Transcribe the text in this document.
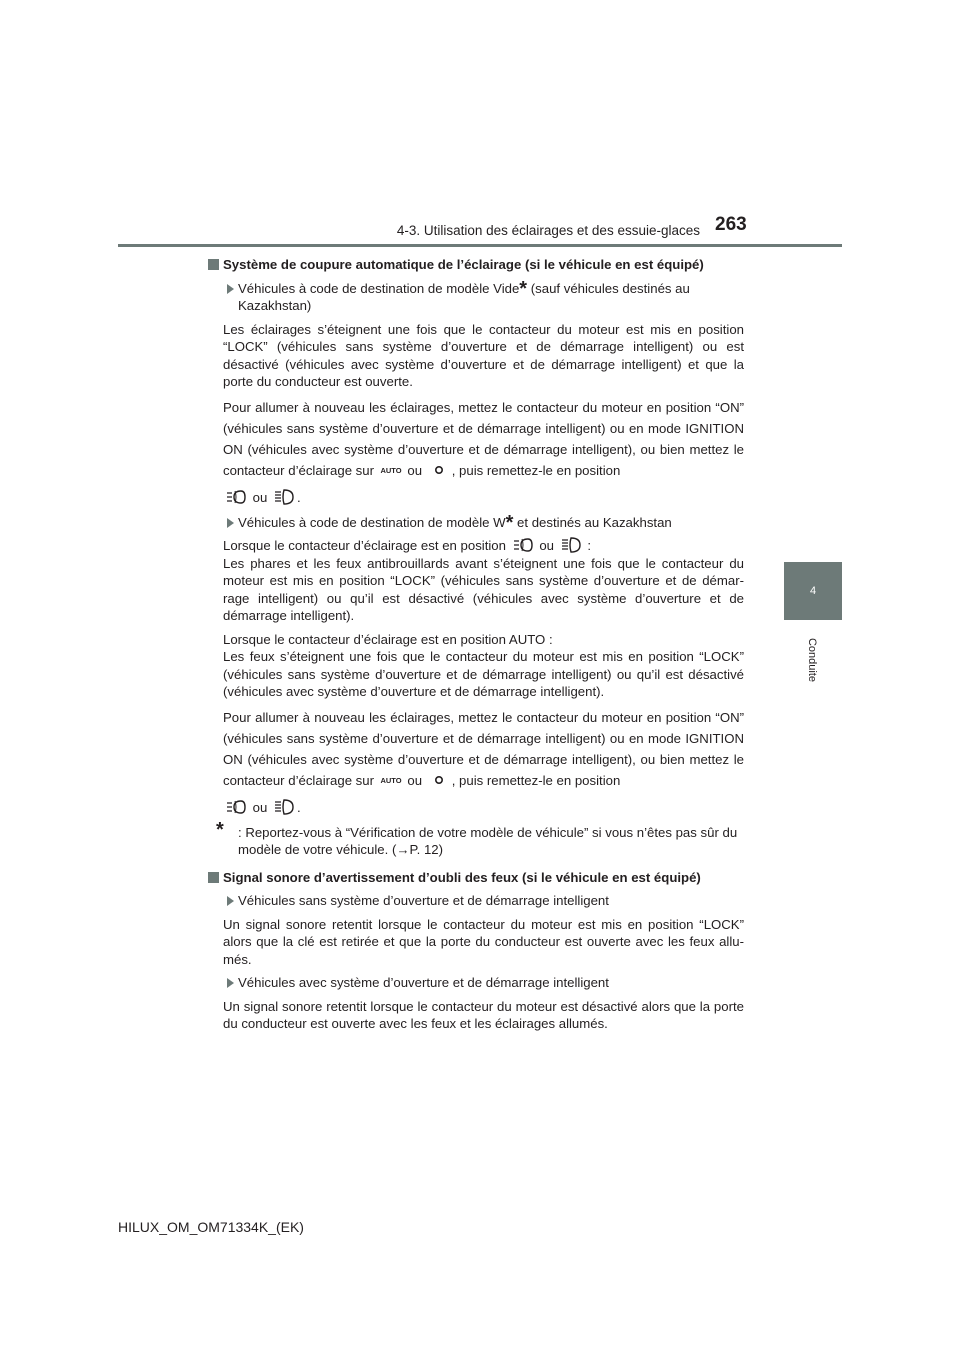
4-3. Utilisation des éclairages et des essuie-glaces 263
4
Conduite

Système de coupure automatique de l’éclairage (si le véhicule en est équipé)

Véhicules à code de destination de modèle Vide* (sauf véhicules destinés au Kazakhstan)

Les éclairages s’éteignent une fois que le contacteur du moteur est mis en position “LOCK” (véhicules sans système d’ouverture et de démarrage intelligent) ou est désactivé (véhicules avec système d’ouverture et de démarrage intelligent) et que la porte du conducteur est ouverte.

Pour allumer à nouveau les éclairages, mettez le contacteur du moteur en position “ON” (véhicules sans système d’ouverture et de démarrage intelligent) ou en mode IGNITION ON (véhicules avec système d’ouverture et de démarrage intelligent), ou bien mettez le contacteur d’éclairage sur AUTO ou , puis remettez-le en position
ou .

Véhicules à code de destination de modèle W* et destinés au Kazakhstan

Lorsque le contacteur d’éclairage est en position	ou	:
Les phares et les feux antibrouillards avant s’éteignent une fois que le contacteur du moteur est mis en position “LOCK” (véhicules sans système d’ouverture et de démar-rage intelligent) ou qu’il est désactivé (véhicules avec système d’ouverture et de démarrage intelligent).

Lorsque le contacteur d’éclairage est en position AUTO :
Les feux s’éteignent une fois que le contacteur du moteur est mis en position “LOCK” (véhicules sans système d’ouverture et de démarrage intelligent) ou qu’il est désactivé (véhicules avec système d’ouverture et de démarrage intelligent).

Pour allumer à nouveau les éclairages, mettez le contacteur du moteur en position “ON” (véhicules sans système d’ouverture et de démarrage intelligent) ou en mode IGNITION ON (véhicules avec système d’ouverture et de démarrage intelligent), ou bien mettez le contacteur d’éclairage sur AUTO ou , puis remettez-le en position
ou .

* : Reportez-vous à “Vérification de votre modèle de véhicule” si vous n’êtes pas sûr du modèle de votre véhicule. (→P. 12)

Signal sonore d’avertissement d’oubli des feux (si le véhicule en est équipé)

Véhicules sans système d’ouverture et de démarrage intelligent

Un signal sonore retentit lorsque le contacteur du moteur est mis en position “LOCK” alors que la clé est retirée et que la porte du conducteur est ouverte avec les feux allu-més.

Véhicules avec système d’ouverture et de démarrage intelligent

Un signal sonore retentit lorsque le contacteur du moteur est désactivé alors que la porte du conducteur est ouverte avec les feux et les éclairages allumés.

HILUX_OM_OM71334K_(EK)
